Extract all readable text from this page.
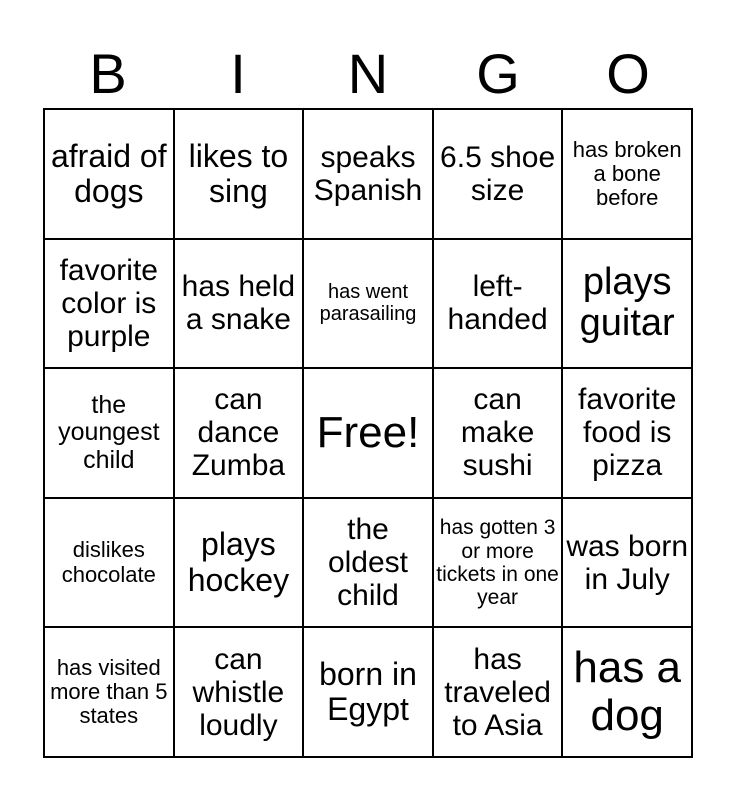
B	I	N	G	O
afraid of dogs
likes to sing
speaks Spanish
6.5 shoe size
has broken a bone before
favorite color is purple
has held a snake
has went parasailing
left-handed
plays guitar
the youngest child
can dance Zumba
Free!
can make sushi
favorite food is pizza
dislikes chocolate
plays hockey
the oldest child
has gotten 3 or more tickets in one year
was born in July
has visited more than 5 states
can whistle loudly
born in Egypt
has traveled to Asia
has a dog
